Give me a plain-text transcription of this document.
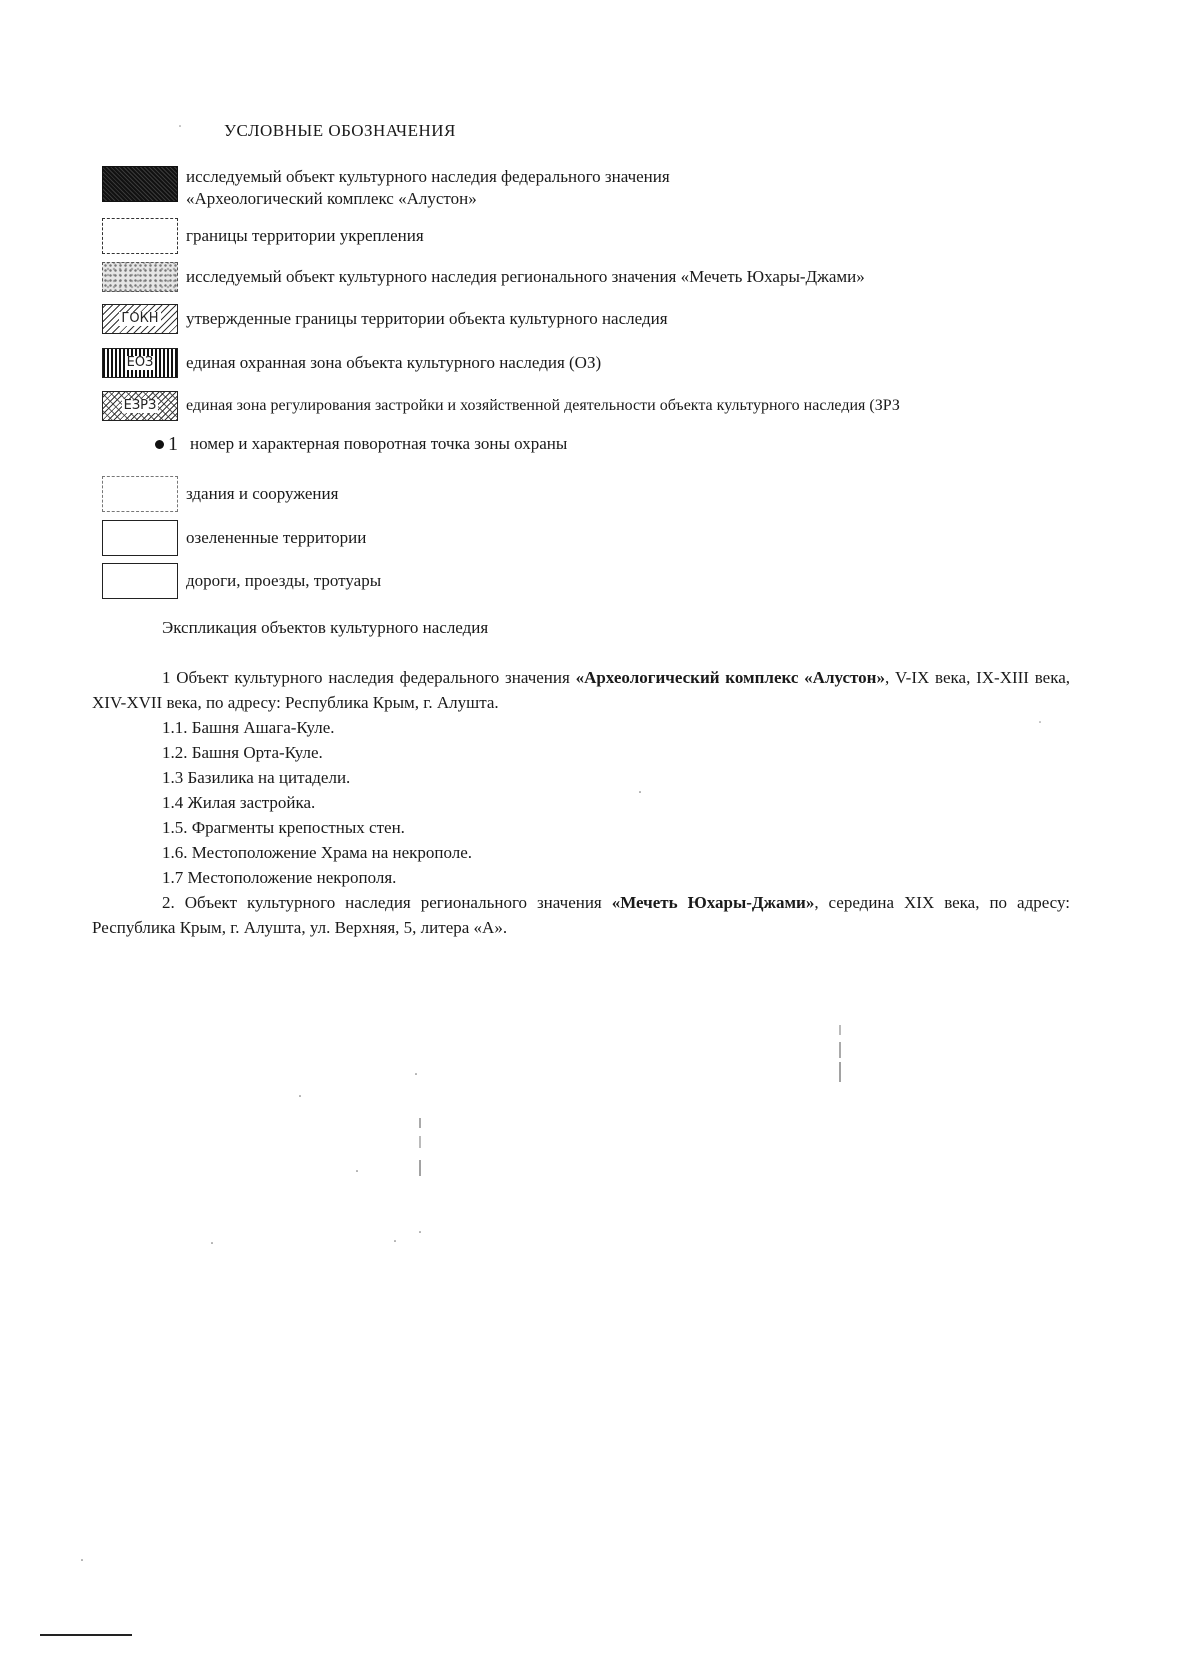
УСЛОВНЫЕ ОБОЗНАЧЕНИЯ
исследуемый объект культурного наследия федерального значения
«Археологический комплекс «Алустон»
границы территории укрепления
исследуемый объект культурного наследия регионального значения «Мечеть Юхары-Джами»
ГОКН утвержденные границы территории объекта культурного наследия
ЕОЗ единая охранная зона объекта культурного наследия (ОЗ)
ЕЗРЗ единая зона регулирования застройки и хозяйственной деятельности объекта культурного наследия (ЗРЗ
1 номер и характерная поворотная точка зоны охраны
здания и сооружения
озелененные территории
дороги, проезды, тротуары
Экспликация объектов культурного наследия

1 Объект культурного наследия федерального значения «Археологический комплекс «Алустон», V-IX века, IX-XIII века, XIV-XVII века, по адресу: Республика Крым, г. Алушта.

1.1. Башня Ашага-Куле.

1.2. Башня Орта-Куле.

1.3 Базилика на цитадели.

1.4 Жилая застройка.

1.5. Фрагменты крепостных стен.

1.6. Местоположение Храма на некрополе.

1.7 Местоположение некрополя.

2. Объект культурного наследия регионального значения «Мечеть Юхары-Джами», середина XIX века, по адресу: Республика Крым, г. Алушта, ул. Верхняя, 5, литера «А».
